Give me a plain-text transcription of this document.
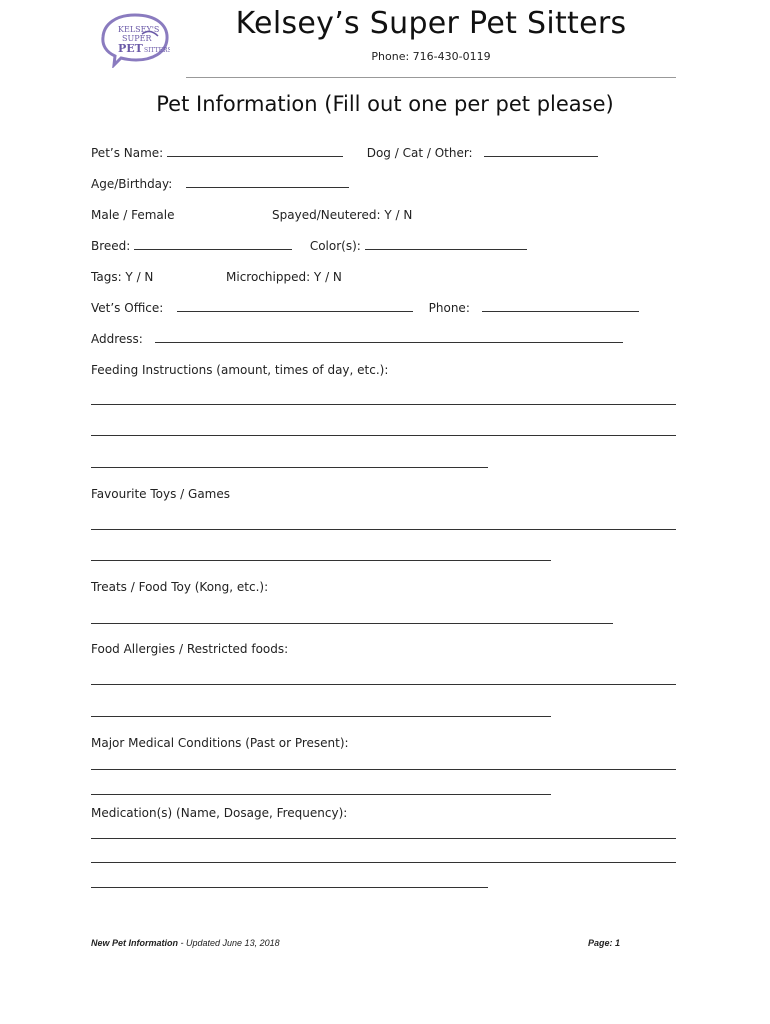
KELSEY'S
SUPER
PET SITTERS
Kelsey’s Super Pet Sitters
Phone: 716-430-0119
Pet Information (Fill out one per pet please)
Pet’s Name:	Dog / Cat / Other:
Age/Birthday:
Male / Female	Spayed/Neutered: Y / N
Breed:	Color(s):
Tags: Y / N	Microchipped: Y / N
Vet’s Office:	Phone:
Address:
Feeding Instructions (amount, times of day, etc.):
Favourite Toys / Games
Treats / Food Toy (Kong, etc.):
Food Allergies / Restricted foods:
Major Medical Conditions (Past or Present):
Medication(s) (Name, Dosage, Frequency):
New Pet Information - Updated June 13, 2018	Page: 1
